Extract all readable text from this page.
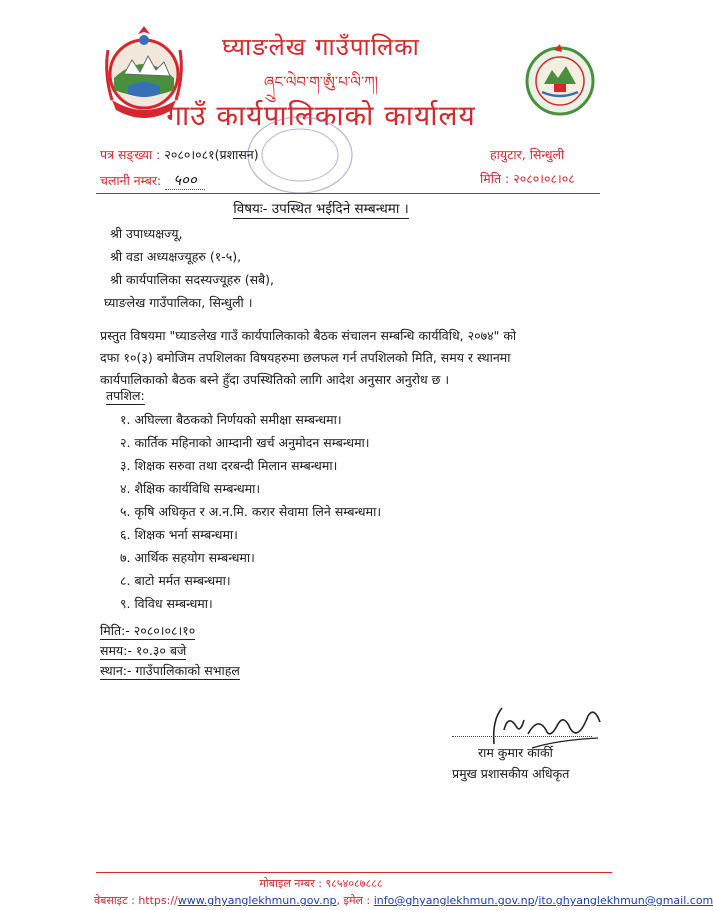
घ्याङलेख गाउँपालिका
ཞྲུང་ལེབ་ག་ཨུཾ་པ་ལི་ཀ།
गाउँ कार्यपालिकाको कार्यालय
पत्र सङ्ख्या : २०८०।०८१(प्रशासन)
चलानी नम्बर: ५००
हायुटार, सिन्धुली
मिति : २०८०।०८।०८
विषयः- उपस्थित भईदिने सम्बन्धमा ।
श्री उपाध्यक्षज्यू,
श्री वडा अध्यक्षज्यूहरु (१-५),
श्री कार्यपालिका सदस्यज्यूहरु (सबै),
घ्याङलेख गाउँपालिका, सिन्धुली ।
प्रस्तुत विषयमा "घ्याङलेख गाउँ कार्यपालिकाको बैठक संचालन सम्बन्धि कार्यविधि, २०७४" को
दफा १०(३) बमोजिम तपशिलका विषयहरुमा छलफल गर्न तपशिलको मिति, समय र स्थानमा
कार्यपालिकाको बैठक बस्ने हुँदा उपस्थितिको लागि आदेश अनुसार अनुरोध छ ।
तपशिल:
१. अघिल्ला बैठकको निर्णयको समीक्षा सम्बन्धमा।
२. कार्तिक महिनाको आम्दानी खर्च अनुमोदन सम्बन्धमा।
३. शिक्षक सरुवा तथा दरबन्दी मिलान सम्बन्धमा।
४. शैक्षिक कार्यविधि सम्बन्धमा।
५. कृषि अधिकृत र अ.न.मि. करार सेवामा लिने सम्बन्धमा।
६. शिक्षक भर्ना सम्बन्धमा।
७. आर्थिक सहयोग सम्बन्धमा।
८. बाटो मर्मत सम्बन्धमा।
९. विविध सम्बन्धमा।
मिति:- २०८०।०८।१०
समय:- १०.३० बजे
स्थान:- गाउँपालिकाको सभाहल
राम कुमार कार्की
प्रमुख प्रशासकीय अधिकृत
मोबाइल नम्बर : ९८५४०८७८८८
वेबसाइट : https://www.ghyanglekhmun.gov.np, इमेल : info@ghyanglekhmun.gov.np/ito.ghyanglekhmun@gmail.com
